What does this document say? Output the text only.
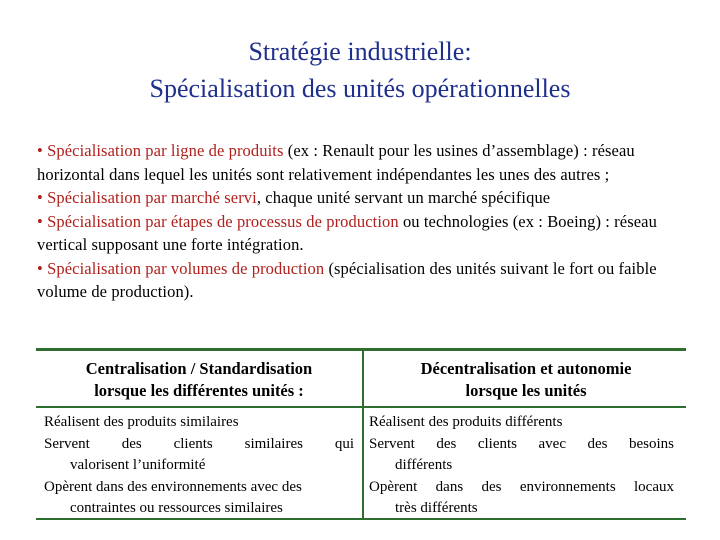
Stratégie industrielle:
Spécialisation des unités opérationnelles
• Spécialisation par ligne de produits (ex : Renault pour les usines d’assemblage) : réseau horizontal dans lequel les unités sont relativement indépendantes les unes des autres ;
• Spécialisation par marché servi, chaque unité servant un marché spécifique
• Spécialisation par étapes de processus de production ou technologies (ex : Boeing) : réseau vertical supposant une forte intégration.
• Spécialisation par volumes de production (spécialisation des unités suivant le fort ou faible volume de production).
Centralisation / Standardisation
lorsque les différentes unités :
Décentralisation et autonomie
lorsque les unités
Réalisent des produits similaires
Servent des clients similaires qui
valorisent l’uniformité
Opèrent dans des environnements avec des
contraintes ou ressources similaires
Réalisent des produits différents
Servent des clients avec des besoins
différents
Opèrent dans des environnements locaux
très différents
